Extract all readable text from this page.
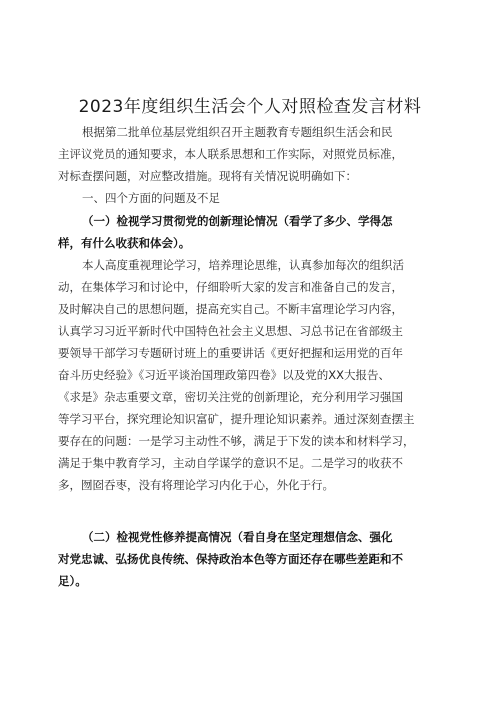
2023年度组织生活会个人对照检查发言材料
根据第二批单位基层党组织召开主题教育专题组织生活会和民
主评议党员的通知要求，本人联系思想和工作实际，对照党员标准，
对标查摆问题，对应整改措施。现将有关情况说明确如下：
一、四个方面的问题及不足
（一）检视学习贯彻党的创新理论情况（看学了多少、学得怎
样，有什么收获和体会）。
本人高度重视理论学习，培养理论思维，认真参加每次的组织活
动，在集体学习和讨论中，仔细聆听大家的发言和准备自己的发言，
及时解决自己的思想问题，提高充实自己。不断丰富理论学习内容，
认真学习习近平新时代中国特色社会主义思想、习总书记在省部级主
要领导干部学习专题研讨班上的重要讲话《更好把握和运用党的百年
奋斗历史经验》《习近平谈治国理政第四卷》以及党的XX大报告、
《求是》杂志重要文章，密切关注党的创新理论，充分利用学习强国
等学习平台，探究理论知识富矿，提升理论知识素养。通过深刻查摆主
要存在的问题：一是学习主动性不够，满足于下发的读本和材料学习，
满足于集中教育学习，主动自学谋学的意识不足。二是学习的收获不
多，囫囵吞枣，没有将理论学习内化于心，外化于行。
（二）检视党性修养提高情况（看自身在坚定理想信念、强化
对党忠诚、弘扬优良传统、保持政治本色等方面还存在哪些差距和不
足）。
